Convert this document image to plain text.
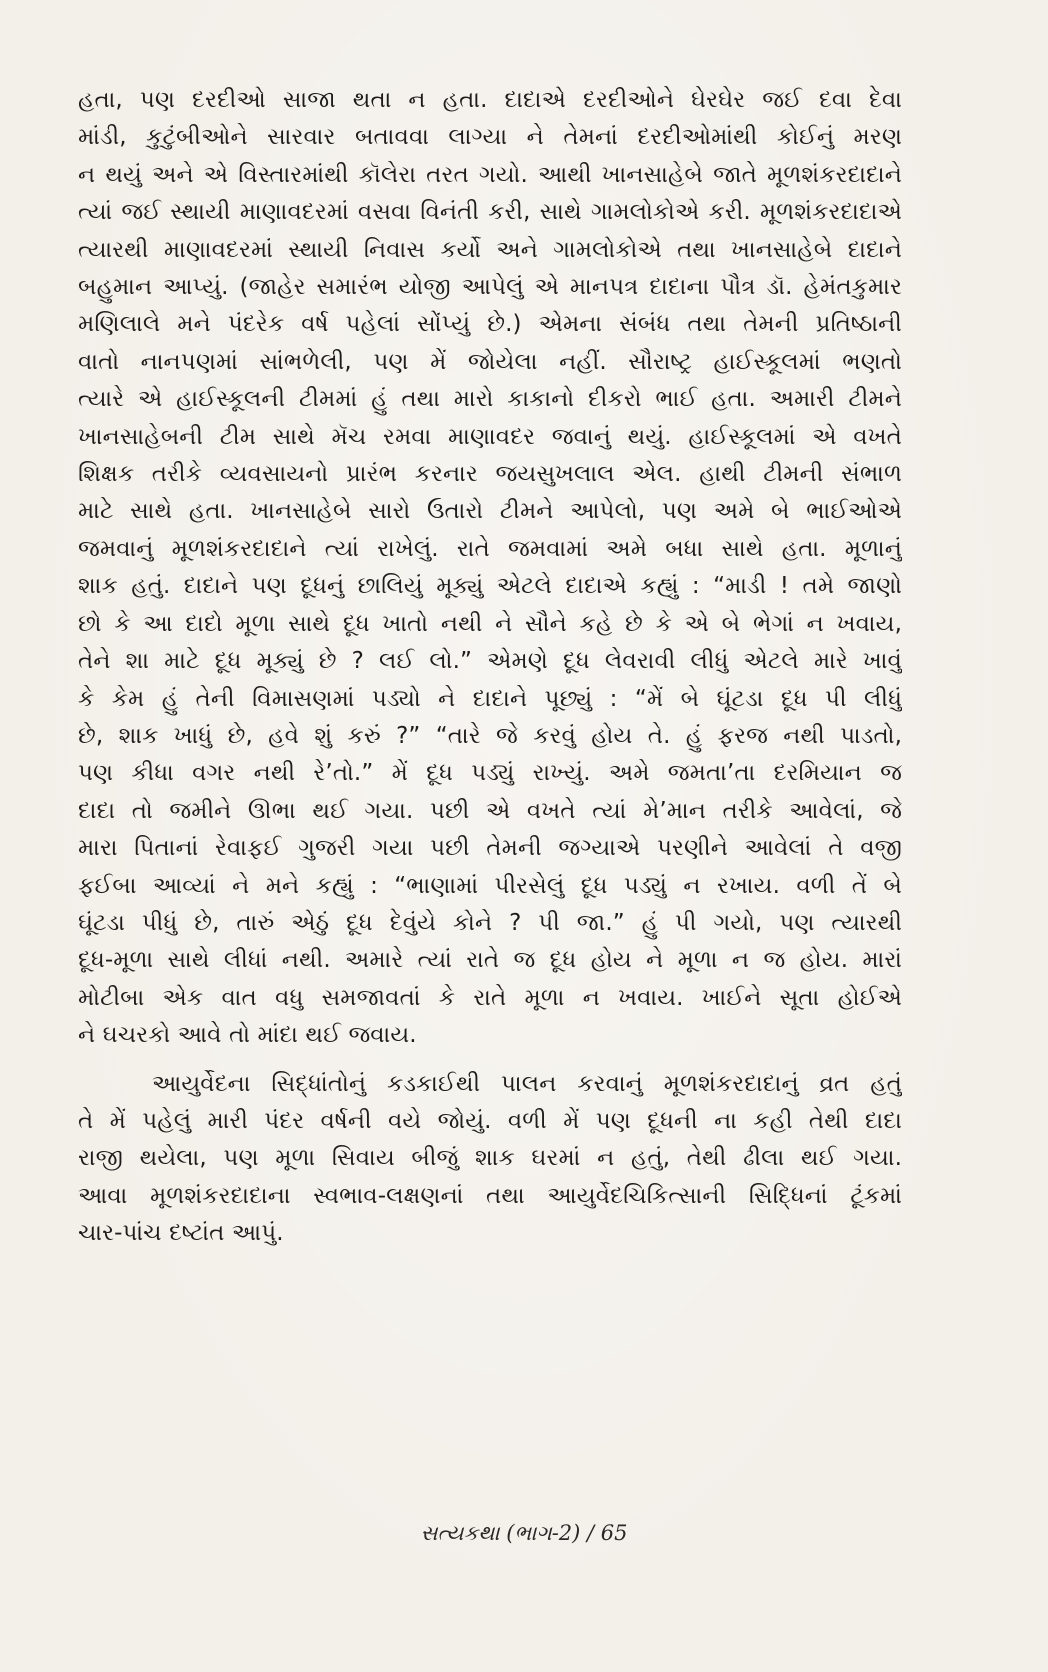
હતા, પણ દરદીઓ સાજા થતા ન હતા. દાદાએ દરદીઓને ઘેરઘેર જઈ દવા દેવા
માંડી, કુટુંબીઓને સારવાર બતાવવા લાગ્યા ને તેમનાં દરદીઓમાંથી કોઈનું મરણ
ન થયું અને એ વિસ્તારમાંથી કૉલેરા તરત ગયો. આથી ખાનસાહેબે જાતે મૂળશંકરદાદાને
ત્યાં જઈ સ્થાયી માણાવદરમાં વસવા વિનંતી કરી, સાથે ગામલોકોએ કરી. મૂળશંકરદાદાએ
ત્યારથી માણાવદરમાં સ્થાયી નિવાસ કર્યો અને ગામલોકોએ તથા ખાનસાહેબે દાદાને
બહુમાન આપ્યું. (જાહેર સમારંભ યોજી આપેલું એ માનપત્ર દાદાના પૌત્ર ડૉ. હેમંતકુમાર
મણિલાલે મને પંદરેક વર્ષ પહેલાં સોંપ્યું છે.) એમના સંબંધ તથા તેમની પ્રતિષ્ઠાની
વાતો નાનપણમાં સાંભળેલી, પણ મેં જોયેલા નહીં. સૌરાષ્ટ્ર હાઈસ્કૂલમાં ભણતો
ત્યારે એ હાઈસ્કૂલની ટીમમાં હું તથા મારો કાકાનો દીકરો ભાઈ હતા. અમારી ટીમને
ખાનસાહેબની ટીમ સાથે મૅચ રમવા માણાવદર જવાનું થયું. હાઈસ્કૂલમાં એ વખતે
શિક્ષક તરીકે વ્યવસાયનો પ્રારંભ કરનાર જયસુખલાલ એલ. હાથી ટીમની સંભાળ
માટે સાથે હતા. ખાનસાહેબે સારો ઉતારો ટીમને આપેલો, પણ અમે બે ભાઈઓએ
જમવાનું મૂળશંકરદાદાને ત્યાં રાખેલું. રાતે જમવામાં અમે બધા સાથે હતા. મૂળાનું
શાક હતું. દાદાને પણ દૂધનું છાલિયું મૂક્યું એટલે દાદાએ કહ્યું : “માડી ! તમે જાણો
છો કે આ દાદો મૂળા સાથે દૂધ ખાતો નથી ને સૌને કહે છે કે એ બે ભેગાં ન ખવાય,
તેને શા માટે દૂધ મૂક્યું છે ? લઈ લો.” એમણે દૂધ લેવરાવી લીધું એટલે મારે ખાવું
કે કેમ હું તેની વિમાસણમાં પડ્યો ને દાદાને પૂછ્યું : “મેં બે ઘૂંટડા દૂધ પી લીધું
છે, શાક ખાધું છે, હવે શું કરું ?” “તારે જે કરવું હોય તે. હું ફરજ નથી પાડતો,
પણ કીધા વગર નથી રે’તો.” મેં દૂધ પડ્યું રાખ્યું. અમે જમતા’તા દરમિયાન જ
દાદા તો જમીને ઊભા થઈ ગયા. પછી એ વખતે ત્યાં મે’માન તરીકે આવેલાં, જે
મારા પિતાનાં રેવાફઈ ગુજરી ગયા પછી તેમની જગ્યાએ પરણીને આવેલાં તે વજી
ફઈબા આવ્યાં ને મને કહ્યું : “ભાણામાં પીરસેલું દૂધ પડ્યું ન રખાય. વળી તેં બે
ઘૂંટડા પીધું છે, તારું એઠું દૂધ દેવુંયે કોને ? પી જા.” હું પી ગયો, પણ ત્યારથી
દૂધ-મૂળા સાથે લીધાં નથી. અમારે ત્યાં રાતે જ દૂધ હોય ને મૂળા ન જ હોય. મારાં
મોટીબા એક વાત વધુ સમજાવતાં કે રાતે મૂળા ન ખવાય. ખાઈને સૂતા હોઈએ
ને ઘચરકો આવે તો માંદા થઈ જવાય.

આયુર્વેદના સિદ્ધાંતોનું કડકાઈથી પાલન કરવાનું મૂળશંકરદાદાનું વ્રત હતું
તે મેં પહેલું મારી પંદર વર્ષની વયે જોયું. વળી મેં પણ દૂધની ના કહી તેથી દાદા
રાજી થયેલા, પણ મૂળા સિવાય બીજું શાક ઘરમાં ન હતું, તેથી ઢીલા થઈ ગયા.
આવા મૂળશંકરદાદાના સ્વભાવ-લક્ષણનાં તથા આયુર્વેદચિકિત્સાની સિદ્ધિનાં ટૂંકમાં
ચાર-પાંચ દષ્ટાંત આપું.

સત્યકથા (ભાગ-2) / 65
